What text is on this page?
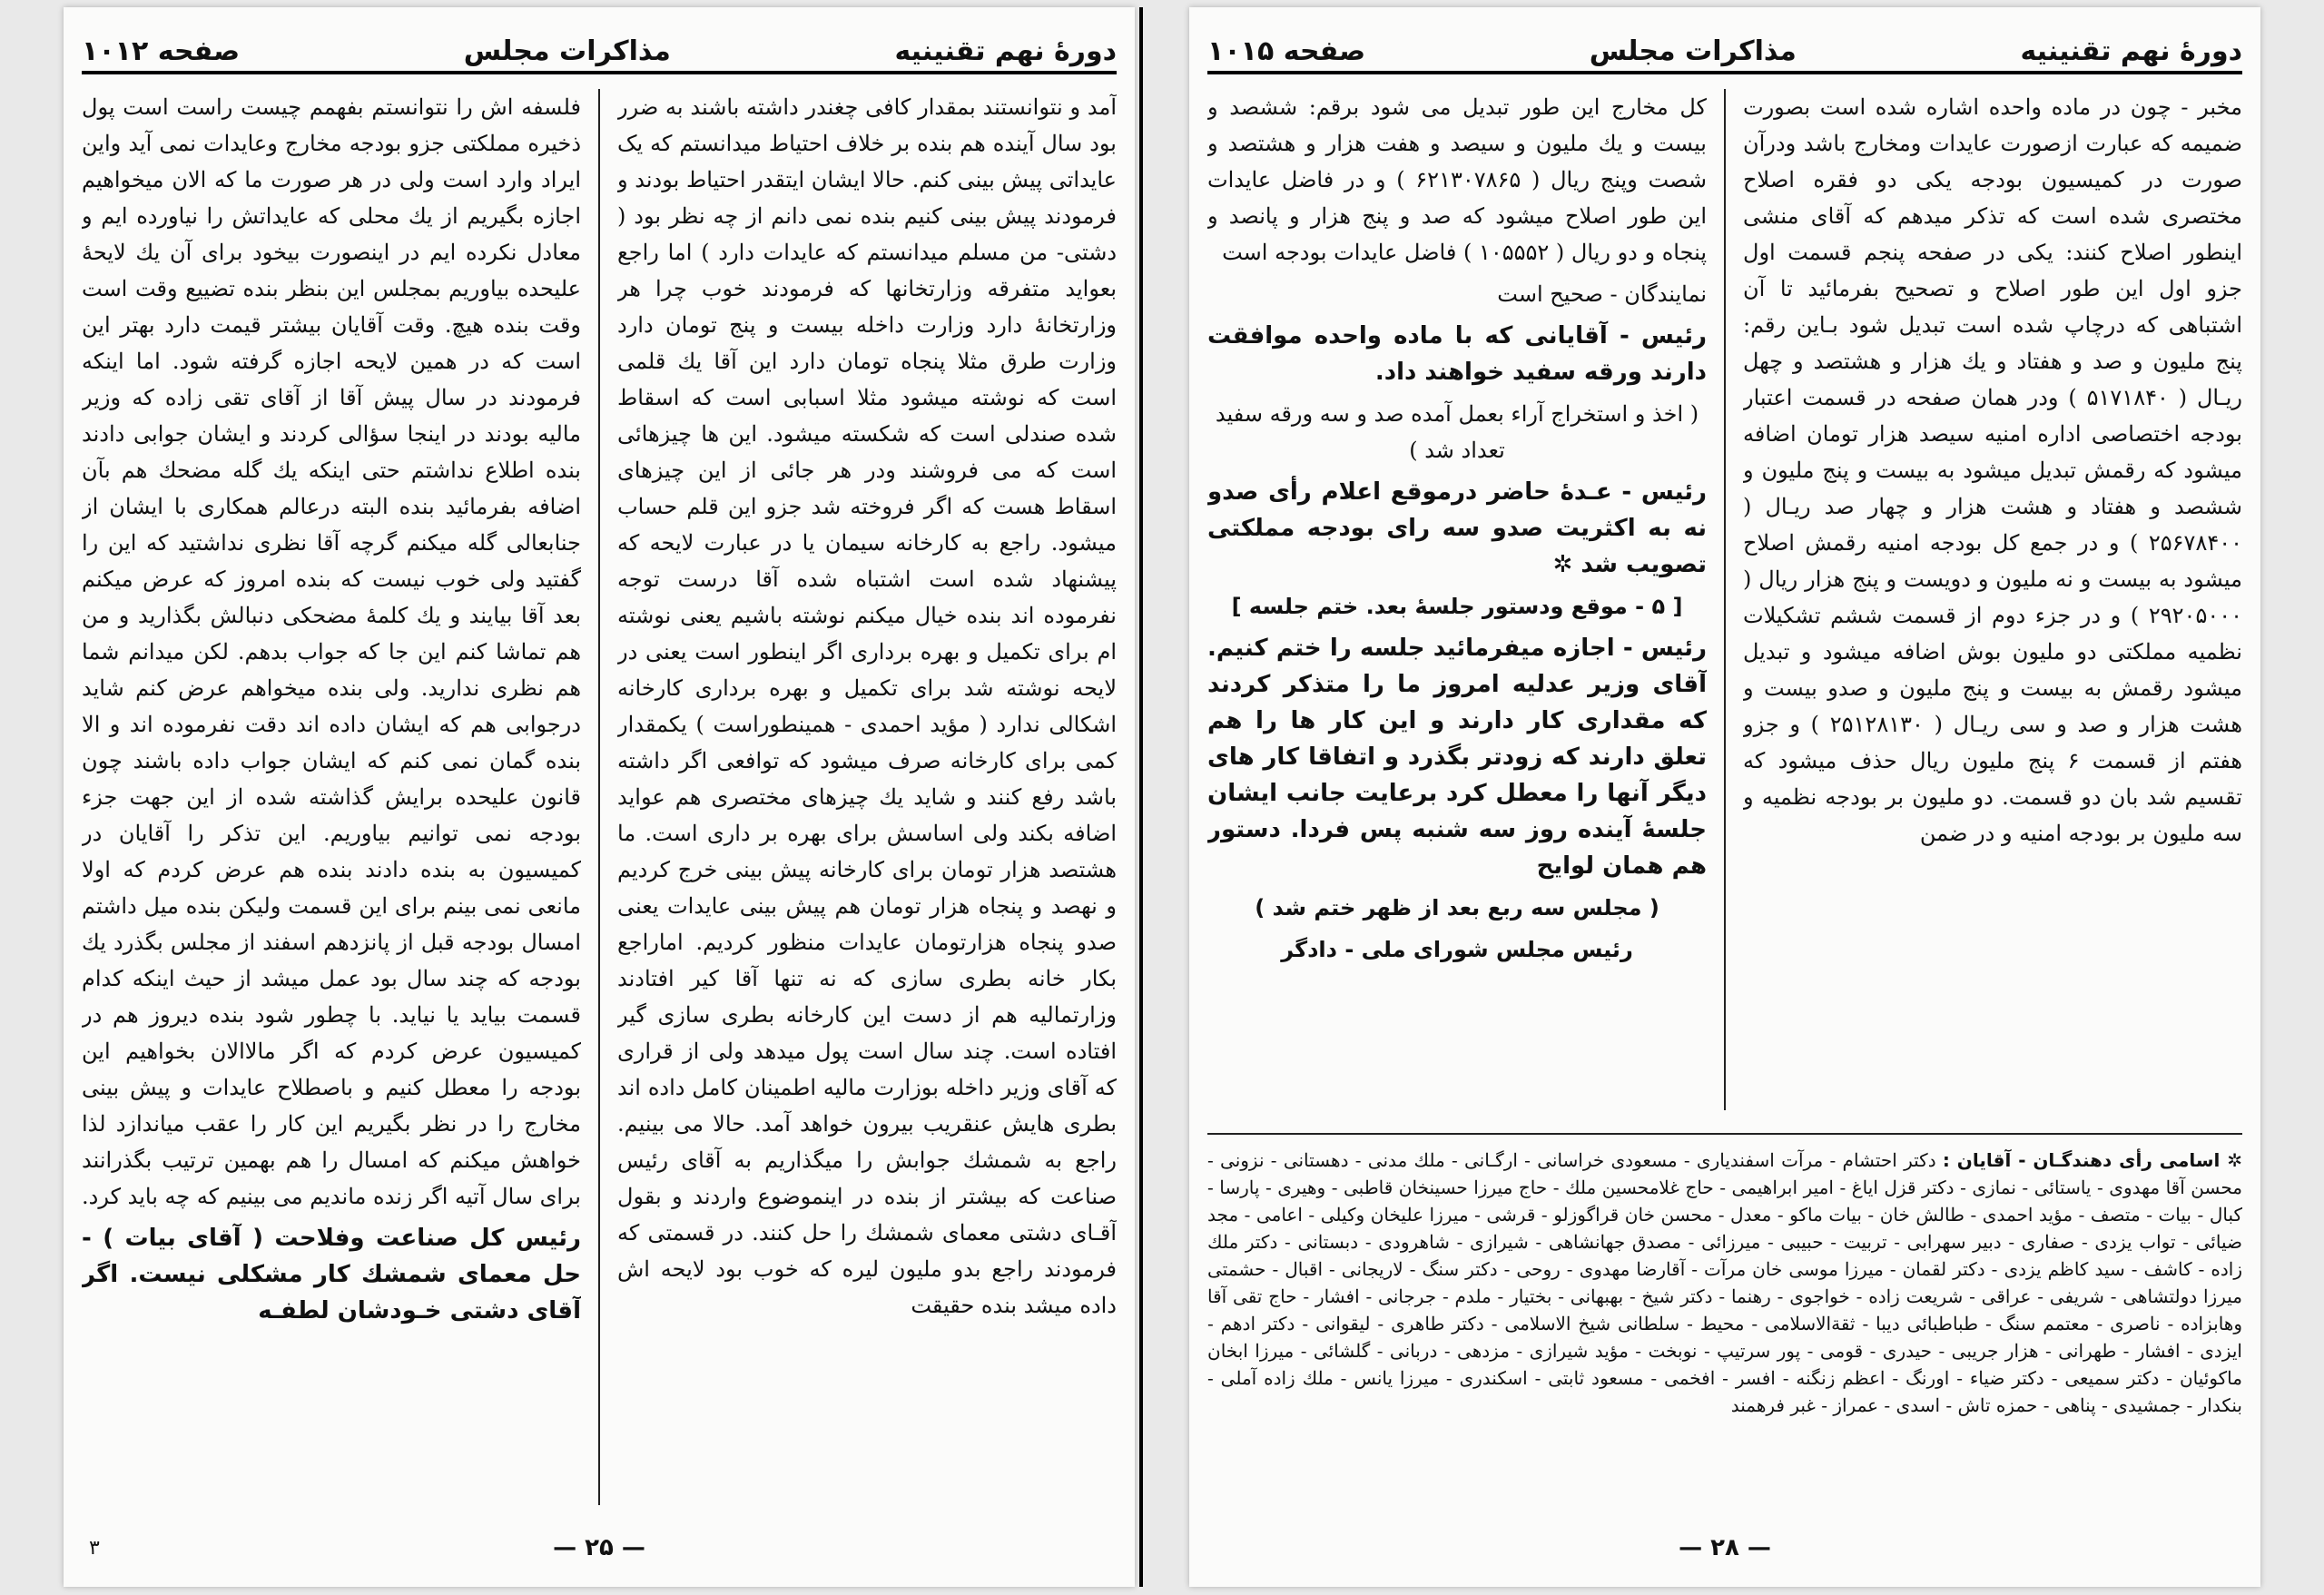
دورهٔ نهم تقنینیه
مذاکرات مجلس
صفحه ۱۰۱۲

آمد و نتوانستند بمقدار کافی چغندر داشته باشند به ضرر بود سال آینده هم بنده بر خلاف احتیاط میدانستم که یک عایداتی پیش بینی کنم. حالا ایشان ایتقدر احتیاط بودند و فرمودند پیش بینی کنیم بنده نمی دانم از چه نظر بود ( دشتی- من مسلم میدانستم که عایدات دارد ) اما راجع بعواید متفرقه وزارتخانها که فرمودند خوب چرا هر وزارتخانهٔ دارد وزارت داخله بیست و پنج تومان دارد وزارت طرق مثلا پنجاه تومان دارد این آقا یك قلمی است که نوشته میشود مثلا اسبابی است که اسقاط شده صندلی است که شکسته میشود. این ها چیزهائی است که می فروشند ودر هر جائی از این چیزهای اسقاط هست که اگر فروخته شد جزو این قلم حساب میشود. راجع به کارخانه سیمان یا در عبارت لایحه که پیشنهاد شده است اشتباه شده آقا درست توجه نفرموده اند بنده خیال میکنم نوشته باشیم یعنی نوشته ام برای تکمیل و بهره برداری اگر اینطور است یعنی در لایحه نوشته شد برای تکمیل و بهره برداری کارخانه اشکالی ندارد ( مؤید احمدی - همینطوراست ) یکمقدار کمی برای کارخانه صرف میشود که توافعی اگر داشته باشد رفع کنند و شاید یك چیزهای مختصری هم عواید اضافه بکند ولی اساسش برای بهره بر داری است. ما هشتصد هزار تومان برای کارخانه پیش بینی خرج کردیم و نهصد و پنجاه هزار تومان هم پیش بینی عایدات یعنی صدو پنجاه هزارتومان عایدات منظور کردیم. اماراجع بکار خانه بطری سازی که نه تنها آقا کیر افتادند وزارتمالیه هم از دست این کارخانه بطری سازی گیر افتاده است. چند سال است پول میدهد ولی از قراری که آقای وزیر داخله بوزارت مالیه اطمینان کامل داده اند بطری هایش عنقریب بیرون خواهد آمد. حالا می بینیم. راجع به شمشك جوابش را میگذاریم به آقای رئیس صناعت که بیشتر از بنده در اینموضوع واردند و بقول آقـای دشتی معمای شمشك را حل کنند. در قسمتی که فرمودند راجع بدو ملیون لیره که خوب بود لایحه اش داده میشد بنده حقیقت

فلسفه اش را نتوانستم بفهمم چیست راست است پول ذخیره مملکتی جزو بودجه مخارج وعایدات نمی آید واین ایراد وارد است ولی در هر صورت ما که الان میخواهیم اجازه بگیریم از یك محلی که عایداتش را نیاورده ایم و معادل نکرده ایم در اینصورت بیخود برای آن یك لایحهٔ علیحده بیاوریم بمجلس این بنظر بنده تضییع وقت است وقت بنده هیچ. وقت آقایان بیشتر قیمت دارد بهتر این است که در همین لایحه اجازه گرفته شود. اما اینکه فرمودند در سال پیش آقا از آقای تقی زاده که وزیر مالیه بودند در اینجا سؤالی کردند و ایشان جوابی دادند بنده اطلاع نداشتم حتی اینکه یك گله مضحك هم بآن اضافه بفرمائید بنده البته درعالم همکاری با ایشان از جنابعالی گله میکنم گرچه آقا نظری نداشتید که این را گفتید ولی خوب نیست که بنده امروز که عرض میکنم بعد آقا بیایند و یك کلمهٔ مضحکی دنبالش بگذارید و من هم تماشا کنم این جا که جواب بدهم. لکن میدانم شما هم نظری ندارید. ولی بنده میخواهم عرض کنم شاید درجوابی هم که ایشان داده اند دقت نفرموده اند و الا بنده گمان نمی کنم که ایشان جواب داده باشند چون قانون علیحده برایش گذاشته شده از این جهت جزء بودجه نمی توانیم بیاوریم. این تذکر را آقایان در کمیسیون به بنده دادند بنده هم عرض کردم که اولا مانعی نمی بینم برای این قسمت ولیکن بنده میل داشتم امسال بودجه قبل از پانزدهم اسفند از مجلس بگذرد یك بودجه که چند سال بود عمل میشد از حیث اینکه کدام قسمت بیاید یا نیاید. با چطور شود بنده دیروز هم در کمیسیون عرض کردم که اگر مالاالان بخواهیم این بودجه را معطل کنیم و باصطلاح عایدات و پیش بینی مخارج را در نظر بگیریم این کار را عقب میاندازد لذا خواهش میکنم که امسال را هم بهمین ترتیب بگذرانند برای سال آتیه اگر زنده ماندیم می بینیم که چه باید کرد.

رئیس کل صناعت وفلاحت ( آقای بیات ) - حل معمای شمشك کار مشکلی نیست. اگر آقای دشتی خـودشان لطفـه

— ۲۵ —
۳
دورهٔ نهم تقنینیه
مذاکرات مجلس
صفحه ۱۰۱۵

مخبر - چون در ماده واحده اشاره شده است بصورت ضمیمه که عبارت ازصورت عایدات ومخارج باشد ودرآن صورت در کمیسیون بودجه یکی دو فقره اصلاح مختصری شده است که تذکر میدهم که آقای منشی اینطور اصلاح کنند: یکی در صفحه پنجم قسمت اول جزو اول این طور اصلاح و تصحیح بفرمائید تا آن اشتباهی که درچاپ شده است تبدیل شود بـاین رقم: پنج ملیون و صد و هفتاد و یك هزار و هشتصد و چهل ریـال ( ۵۱۷۱۸۴۰ ) ودر همان صفحه در قسمت اعتبار بودجه اختصاصی اداره امنیه سیصد هزار تومان اضافه میشود که رقمش تبدیل میشود به بیست و پنج ملیون و ششصد و هفتاد و هشت هزار و چهار صد ریـال ( ۲۵۶۷۸۴۰۰ ) و در جمع کل بودجه امنیه رقمش اصلاح میشود به بیست و نه ملیون و دویست و پنج هزار ریال ( ۲۹۲۰۵۰۰۰ ) و در جزء دوم از قسمت ششم تشکیلات نظمیه مملکتی دو ملیون بوش اضافه میشود و تبدیل میشود رقمش به بیست و پنج ملیون و صدو بیست و هشت هزار و صد و سی ریـال ( ۲۵۱۲۸۱۳۰ ) و جزو هفتم از قسمت ۶ پنج ملیون ریال حذف میشود که تقسیم شد بان دو قسمت. دو ملیون بر بودجه نظمیه و سه ملیون بر بودجه امنیه و در ضمن

کل مخارج این طور تبدیل می شود برقم: ششصد و بیست و یك ملیون و سیصد و هفت هزار و هشتصد و شصت وپنج ریال ( ۶۲۱۳۰۷۸۶۵ ) و در فاضل عایدات این طور اصلاح میشود که صد و پنج هزار و پانصد و پنجاه و دو ریال ( ۱۰۵۵۵۲ ) فاضل عایدات بودجه است

نمایندگان - صحیح است

رئیس - آقایانی که با ماده واحده موافقت دارند ورقه سفید خواهند داد.

( اخذ و استخراج آراء بعمل آمده صد و سه ورقه سفید تعداد شد )

رئیس - عـدهٔ حاضر درموقع اعلام رأی صدو نه به اکثریت صدو سه رای بودجه مملکتی تصویب شد ✲

[ ۵ - موقع ودستور جلسهٔ بعد. ختم جلسه ]

رئیس - اجازه میفرمائید جلسه را ختم کنیم. آقای وزیر عدلیه امروز ما را متذکر کردند که مقداری کار دارند و این کار ها را هم تعلق دارند که زودتر بگذرد و اتفاقا کار های دیگر آنها را معطل کرد برعایت جانب ایشان جلسهٔ آینده روز سه شنبه پس فردا. دستور هم همان لوایح

( مجلس سه ربع بعد از ظهر ختم شد )

رئیس مجلس شورای ملی - دادگر

✲ اسامی رأی دهندگـان - آقایان : دکتر احتشام - مرآت اسفندیاری - مسعودی خراسانی - ارگـانی - ملك مدنی - دهستانی - نزونی - محسن آقا مهدوی - یاستائی - نمازی - دکتر قزل ایاغ - امیر ابراهیمی - حاج غلامحسین ملك - حاج میرزا حسینخان قاطبی - وهیری - پارسا - کبال - بیات - متصف - مؤید احمدی - طالش خان - بیات ماکو - معدل - محسن خان قراگوزلو - قرشی - میرزا علیخان وکیلی - اعامی - مجد ضیائی - تواب یزدی - صفاری - دبیر سهرابی - تربیت - حبیبی - میرزائی - مصدق جهانشاهی - شیرازی - شاهرودی - دبستانی - دکتر ملك زاده - کاشف - سید کاظم یزدی - دکتر لقمان - میرزا موسی خان مرآت - آقارضا مهدوی - روحی - دکتر سنگ - لاریجانی - اقبال - حشمتی میرزا دولتشاهی - شریفی - عراقی - شریعت زاده - خواجوی - رهنما - دکتر شیخ - بهبهانی - بختیار - ملدم - جرجانی - افشار - حاج تقی آقا وهابزاده - ناصری - معتمم سنگ - طباطبائی دیبا - ثقةالاسلامی - محیط - سلطانی شیخ الاسلامی - دکتر طاهری - لیقوانی - دکتر ادهم - ایزدی - افشار - طهرانی - هزار جریبی - حیدری - قومی - پور سرتیپ - نوبخت - مؤید شیرازی - مزدهی - دربانی - گلشائی - میرزا ابخان ماکوئیان - دکتر سمیعی - دکتر ضیاء - اورنگ - اعظم زنگنه - افسر - افخمی - مسعود ثابتی - اسکندری - میرزا یانس - ملك زاده آملی - بنکدار - جمشیدی - پناهی - حمزه تاش - اسدی - عمراز - غبر فرهمند
— ۲۸ —
